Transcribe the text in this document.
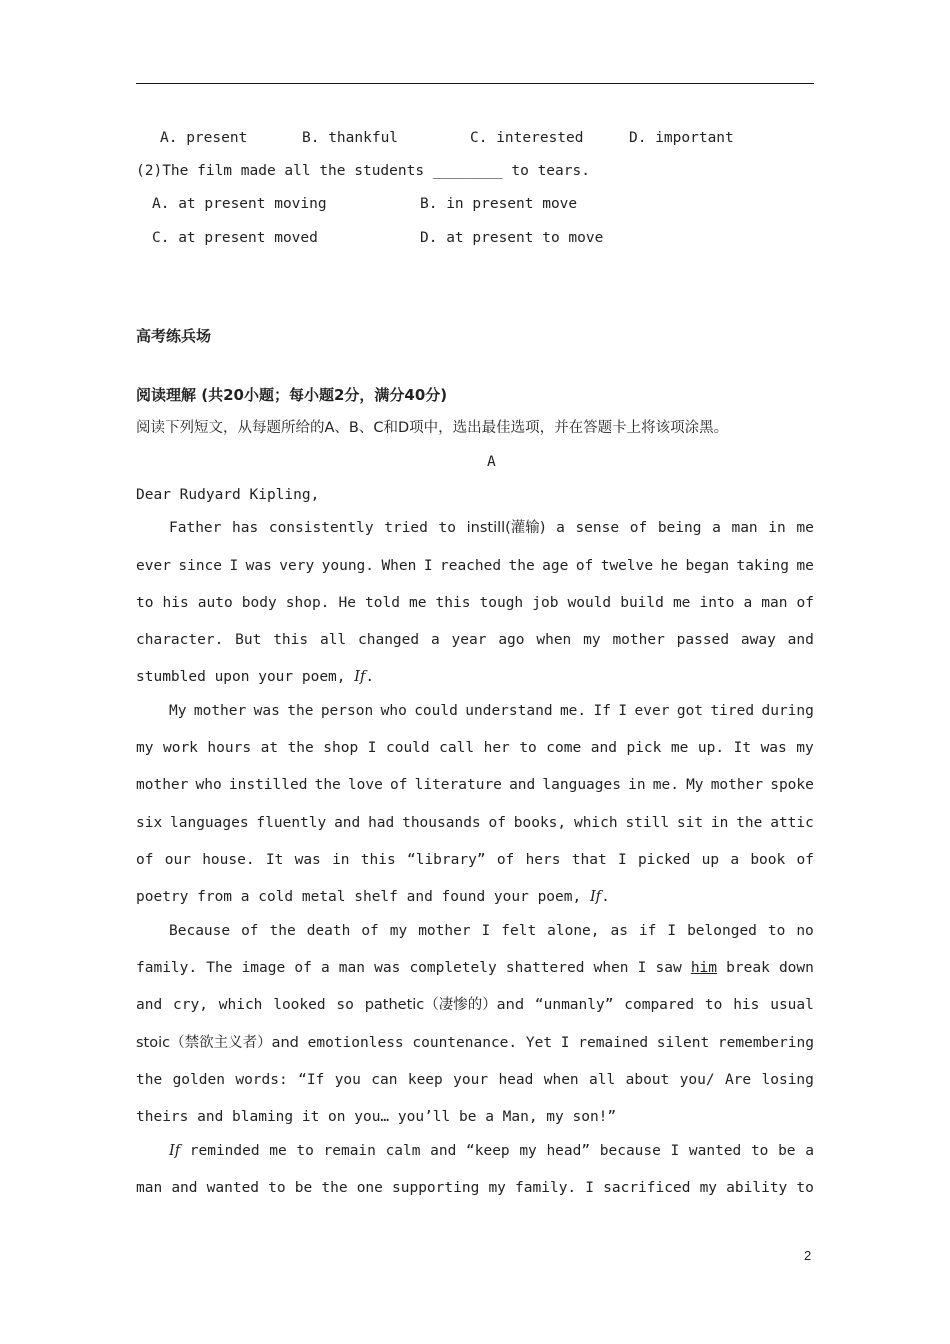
A. present	B. thankful	C. interested	D. important
(2)The film made all the students ________ to tears.
A. at present moving	B. in present move
C. at present moved	D. at present to move
高考练兵场
阅读理解 (共20小题；每小题2分，满分40分)
阅读下列短文，从每题所给的A、B、C和D项中，选出最佳选项，并在答题卡上将该项涂黑。
A
Dear Rudyard Kipling,
Father has consistently tried to instill(灌输) a sense of being a man in me
ever since I was very young. When I reached the age of twelve he began taking me
to his auto body shop. He told me this tough job would build me into a man of
character. But this all changed a year ago when my mother passed away and
stumbled upon your poem, If.
My mother was the person who could understand me. If I ever got tired during
my work hours at the shop I could call her to come and pick me up. It was my
mother who instilled the love of literature and languages in me. My mother spoke
six languages fluently and had thousands of books, which still sit in the attic
of our house. It was in this “library” of hers that I picked up a book of
poetry from a cold metal shelf and found your poem, If.
Because of the death of my mother I felt alone, as if I belonged to no
family. The image of a man was completely shattered when I saw him break down
and cry, which looked so pathetic（凄惨的）and “unmanly” compared to his usual
stoic（禁欲主义者）and emotionless countenance. Yet I remained silent remembering
the golden words: “If you can keep your head when all about you/ Are losing
theirs and blaming it on you… you’ll be a Man, my son!”
If reminded me to remain calm and “keep my head” because I wanted to be a
man and wanted to be the one supporting my family. I sacrificed my ability to
2
